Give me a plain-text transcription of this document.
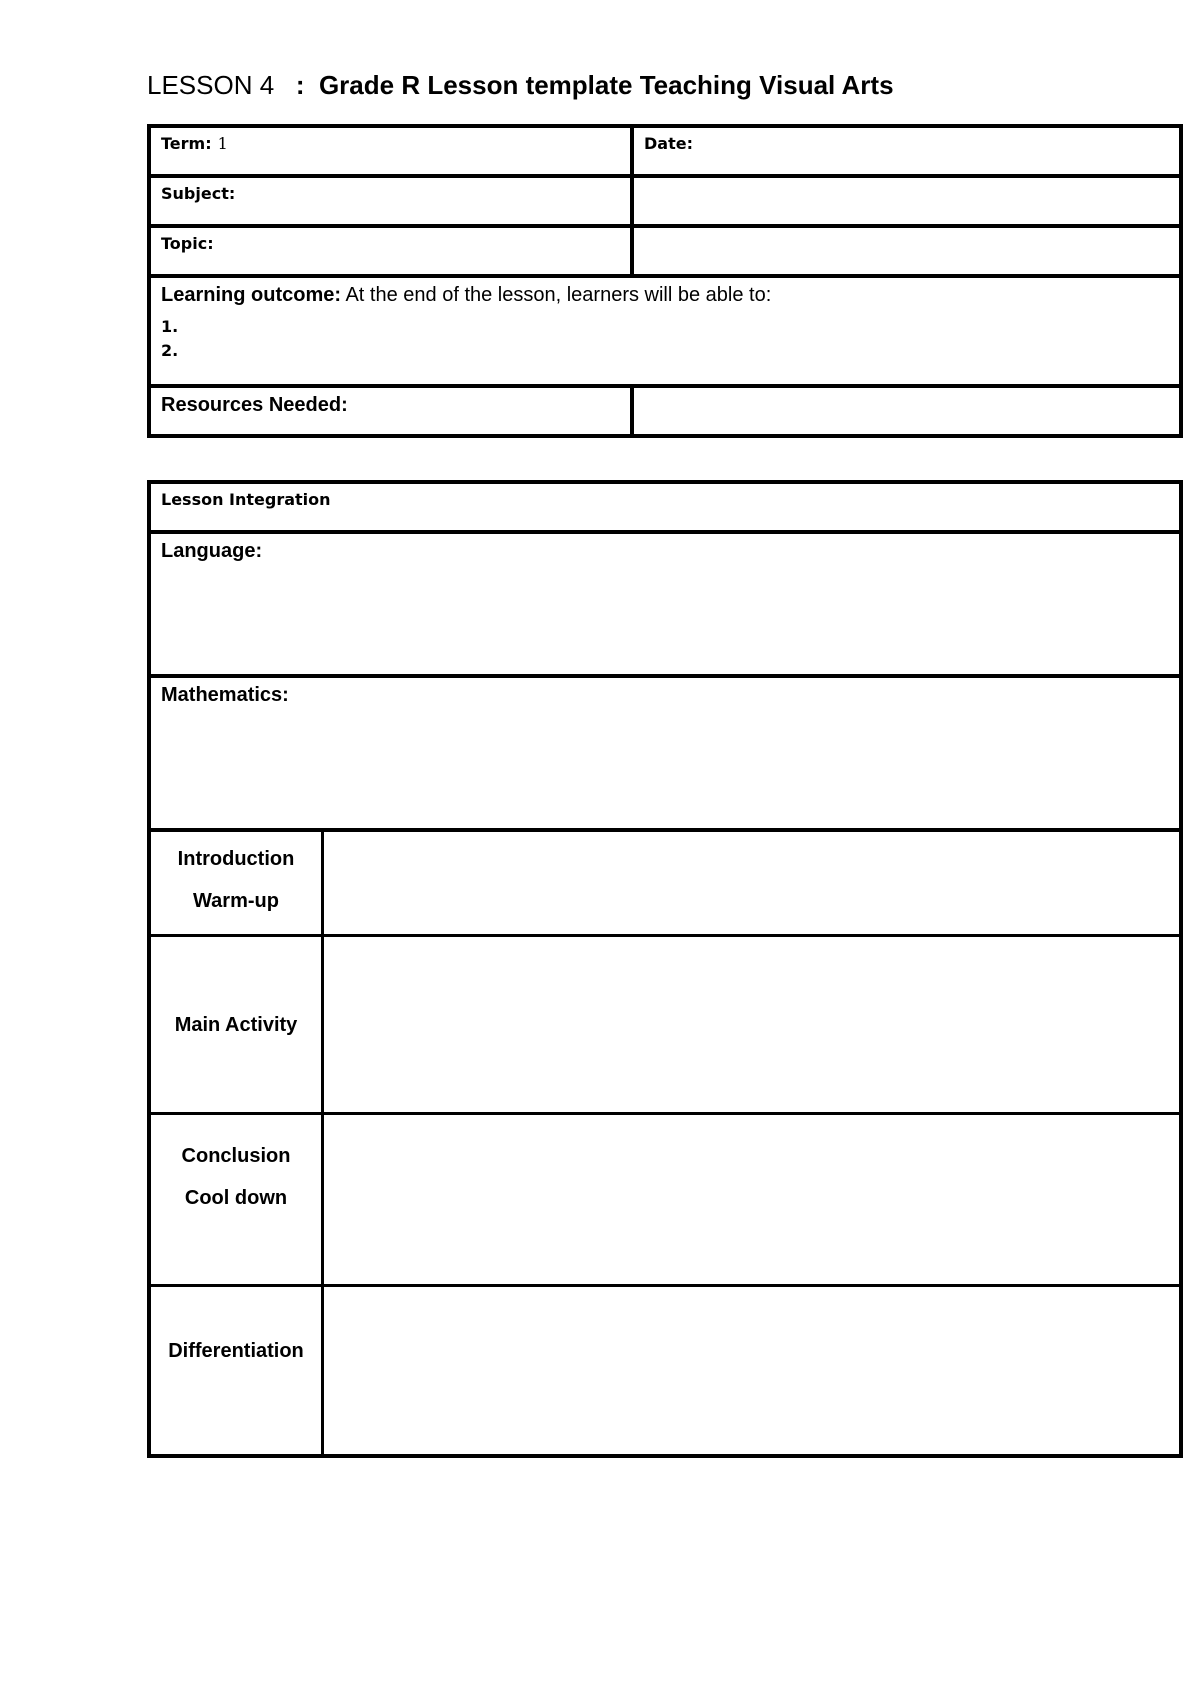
LESSON 4 :  Grade R Lesson template Teaching Visual Arts
Term: 1	Date:
Subject:
Topic:
Learning outcome: At the end of the lesson, learners will be able to:
1.
2.
Resources Needed:
Lesson Integration
Language:
Mathematics:
Introduction
Warm-up
Main Activity
Conclusion
Cool down
Differentiation
